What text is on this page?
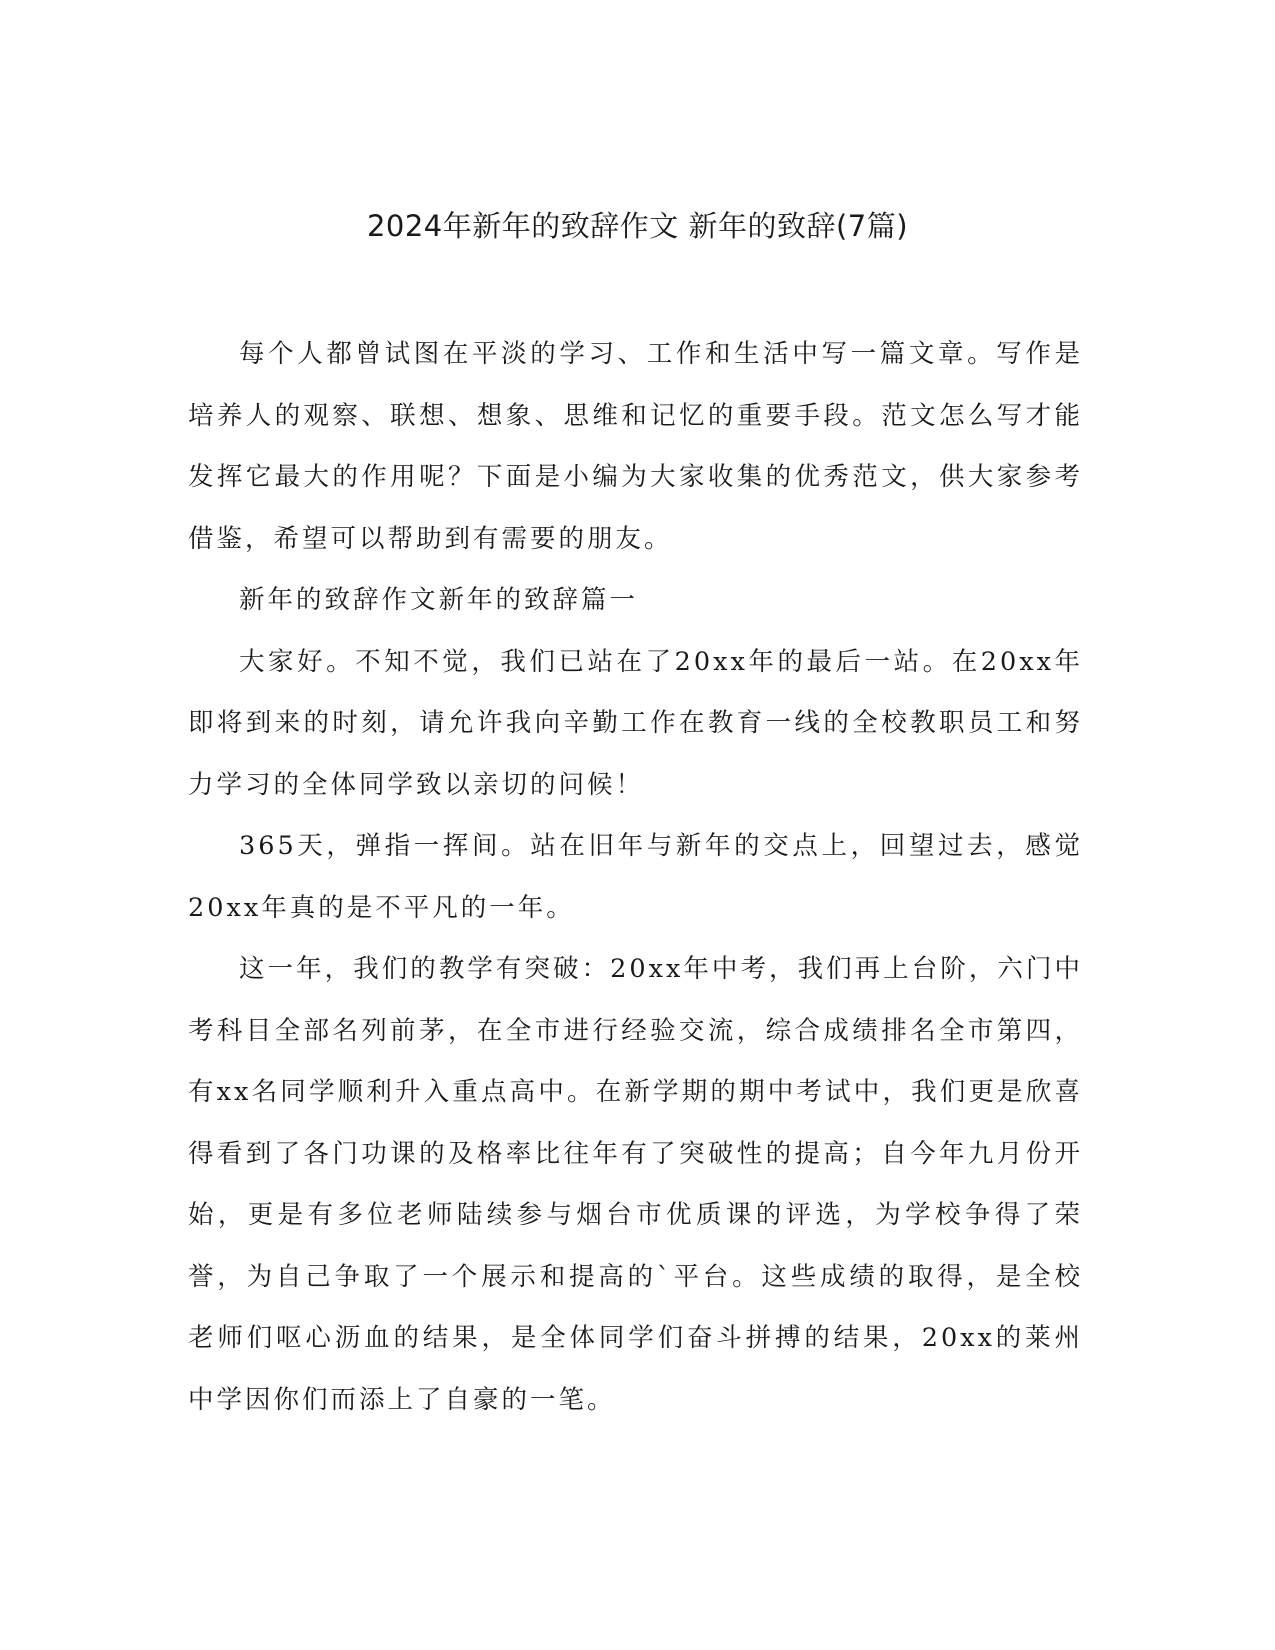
2024年新年的致辞作文 新年的致辞(7篇)

每个人都曾试图在平淡的学习、工作和生活中写一篇文章。写作是培养人的观察、联想、想象、思维和记忆的重要手段。范文怎么写才能发挥它最大的作用呢？下面是小编为大家收集的优秀范文，供大家参考借鉴，希望可以帮助到有需要的朋友。

新年的致辞作文新年的致辞篇一

大家好。不知不觉，我们已站在了20xx年的最后一站。在20xx年即将到来的时刻，请允许我向辛勤工作在教育一线的全校教职员工和努力学习的全体同学致以亲切的问候！

365天，弹指一挥间。站在旧年与新年的交点上，回望过去，感觉20xx年真的是不平凡的一年。

这一年，我们的教学有突破：20xx年中考，我们再上台阶，六门中考科目全部名列前茅，在全市进行经验交流，综合成绩排名全市第四，有xx名同学顺利升入重点高中。在新学期的期中考试中，我们更是欣喜得看到了各门功课的及格率比往年有了突破性的提高；自今年九月份开始，更是有多位老师陆续参与烟台市优质课的评选，为学校争得了荣誉，为自己争取了一个展示和提高的`平台。这些成绩的取得，是全校老师们呕心沥血的结果，是全体同学们奋斗拼搏的结果，20xx的莱州中学因你们而添上了自豪的一笔。
